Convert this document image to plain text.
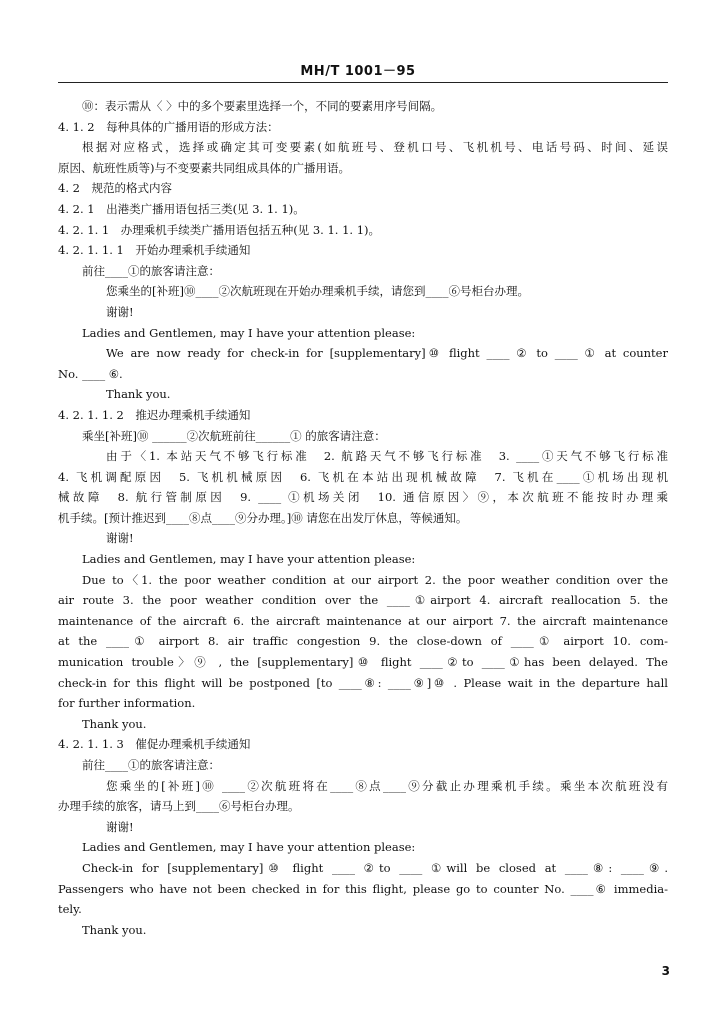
MH/T 1001－95
⑩：表示需从〈 〉中的多个要素里选择一个，不同的要素用序号间隔。
4. 1. 2　每种具体的广播用语的形成方法：
根据对应格式，选择或确定其可变要素(如航班号、登机口号、飞机机号、电话号码、时间、延误
原因、航班性质等)与不变要素共同组成具体的广播用语。
4. 2　规范的格式内容
4. 2. 1　出港类广播用语包括三类(见 3. 1. 1)。
4. 2. 1. 1　办理乘机手续类广播用语包括五种(见 3. 1. 1. 1)。
4. 2. 1. 1. 1　开始办理乘机手续通知
前往____①的旅客请注意：
您乘坐的[补班]⑩____②次航班现在开始办理乘机手续，请您到____⑥号柜台办理。
谢谢!
Ladies and Gentlemen, may I have your attention please:
We are now ready for check-in for [supplementary]⑩ flight ____ ② to ____ ① at counter
No. ____ ⑥.
Thank you.
4. 2. 1. 1. 2　推迟办理乘机手续通知
乘坐[补班]⑩ ______②次航班前往______① 的旅客请注意：
由于〈1. 本站天气不够飞行标准　2. 航路天气不够飞行标准　3. ____①天气不够飞行标准
4. 飞机调配原因　5. 飞机机械原因　6. 飞机在本站出现机械故障　7. 飞机在____①机场出现机
械故障　8. 航行管制原因　9. ____ ①机场关闭　10. 通信原因〉⑨，本次航班不能按时办理乘
机手续。[预计推迟到____⑧点____⑨分办理。]⑩ 请您在出发厅休息，等候通知。
谢谢!
Ladies and Gentlemen, may I have your attention please:
Due to〈1. the poor weather condition at our airport 2. the poor weather condition over the
air route 3. the poor weather condition over the ____①airport 4. aircraft reallocation 5. the
maintenance of the aircraft 6. the aircraft maintenance at our airport 7. the aircraft maintenance
at the ____① airport 8. air traffic congestion 9. the close-down of ____① airport 10. com-
munication trouble〉⑨ , the [supplementary]⑩ flight ____②to ____①has been delayed. The
check-in for this flight will be postponed [to ____⑧: ____⑨]⑩ . Please wait in the departure hall
for further information.
Thank you.
4. 2. 1. 1. 3　催促办理乘机手续通知
前往____①的旅客请注意：
您乘坐的[补班]⑩ ____②次航班将在____⑧点____⑨分截止办理乘机手续。乘坐本次航班没有
办理手续的旅客，请马上到____⑥号柜台办理。
谢谢!
Ladies and Gentlemen, may I have your attention please:
Check-in for [supplementary]⑩ flight ____ ②to ____ ①will be closed at ____⑧: ____⑨.
Passengers who have not been checked in for this flight, please go to counter No. ____⑥ immedia-
tely.
Thank you.
3
